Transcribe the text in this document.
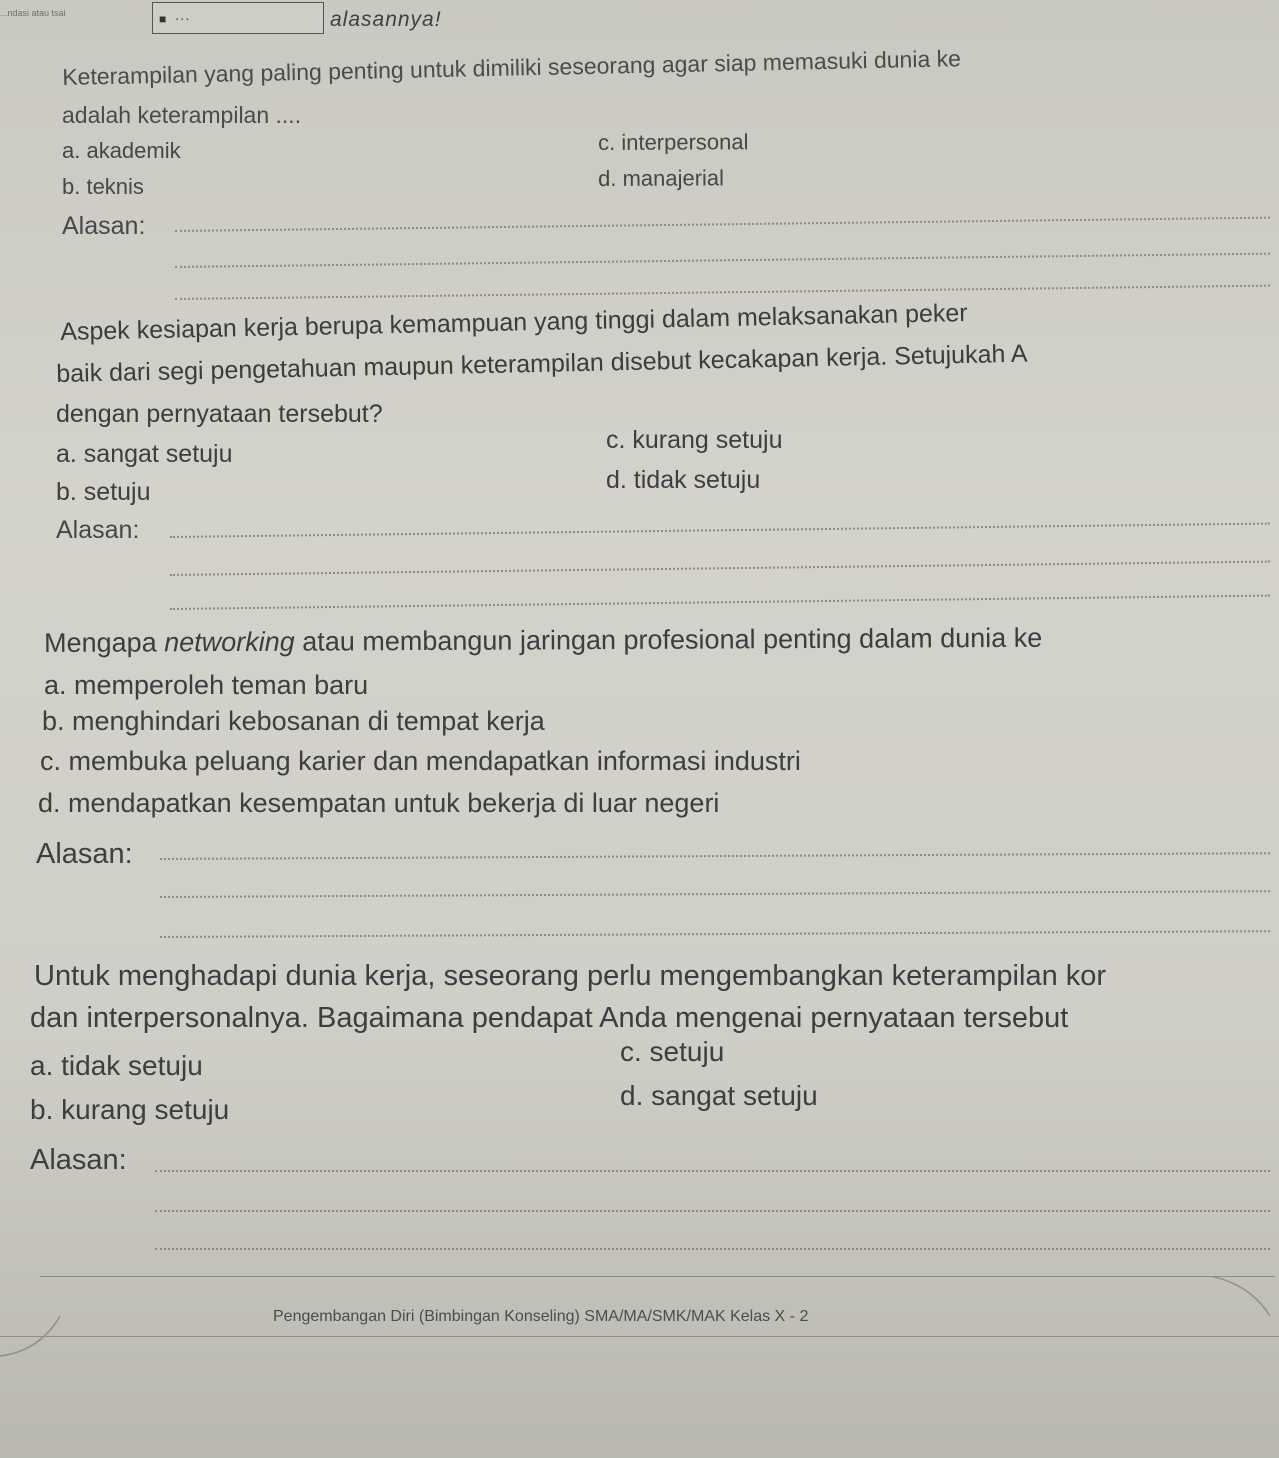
...ndasi atau tsai	■ ...	alasannya!
Keterampilan yang paling penting untuk dimiliki seseorang agar siap memasuki dunia ke
adalah keterampilan ....
a. akademik
b. teknis
c. interpersonal
d. manajerial
Alasan:
Aspek kesiapan kerja berupa kemampuan yang tinggi dalam melaksanakan peker
baik dari segi pengetahuan maupun keterampilan disebut kecakapan kerja. Setujukah A
dengan pernyataan tersebut?
a. sangat setuju
b. setuju
c. kurang setuju
d. tidak setuju
Alasan:
Mengapa networking atau membangun jaringan profesional penting dalam dunia ke
a. memperoleh teman baru
b. menghindari kebosanan di tempat kerja
c. membuka peluang karier dan mendapatkan informasi industri
d. mendapatkan kesempatan untuk bekerja di luar negeri
Alasan:
Untuk menghadapi dunia kerja, seseorang perlu mengembangkan keterampilan kor
dan interpersonalnya. Bagaimana pendapat Anda mengenai pernyataan tersebut
a. tidak setuju
b. kurang setuju
c. setuju
d. sangat setuju
Alasan:
Pengembangan Diri (Bimbingan Konseling) SMA/MA/SMK/MAK Kelas X - 2
